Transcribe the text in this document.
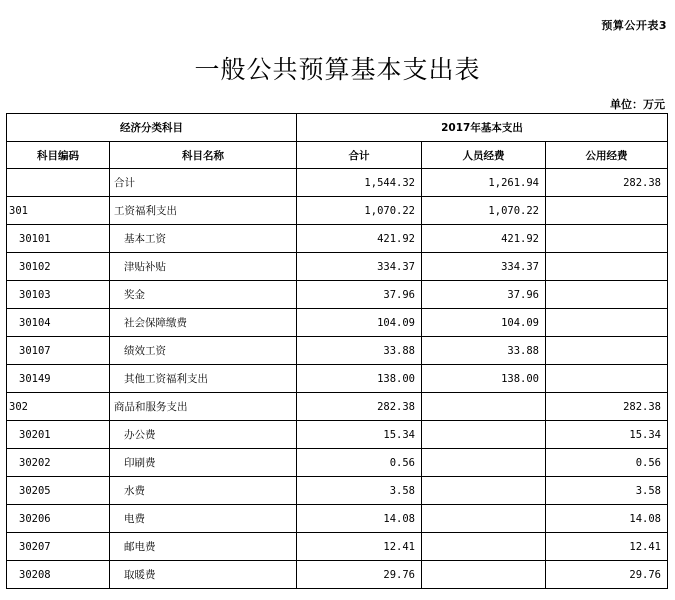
预算公开表3
一般公共预算基本支出表
单位：万元
经济分类科目		2017年基本支出		
科目编码	科目名称	合计	人员经费	公用经费
	合计	1,544.32	1,261.94	282.38
301	工资福利支出	1,070.22	1,070.22	
30101	基本工资	421.92	421.92	
30102	津贴补贴	334.37	334.37	
30103	奖金	37.96	37.96	
30104	社会保障缴费	104.09	104.09	
30107	绩效工资	33.88	33.88	
30149	其他工资福利支出	138.00	138.00	
302	商品和服务支出	282.38		282.38
30201	办公费	15.34		15.34
30202	印刷费	0.56		0.56
30205	水费	3.58		3.58
30206	电费	14.08		14.08
30207	邮电费	12.41		12.41
30208	取暖费	29.76		29.76
